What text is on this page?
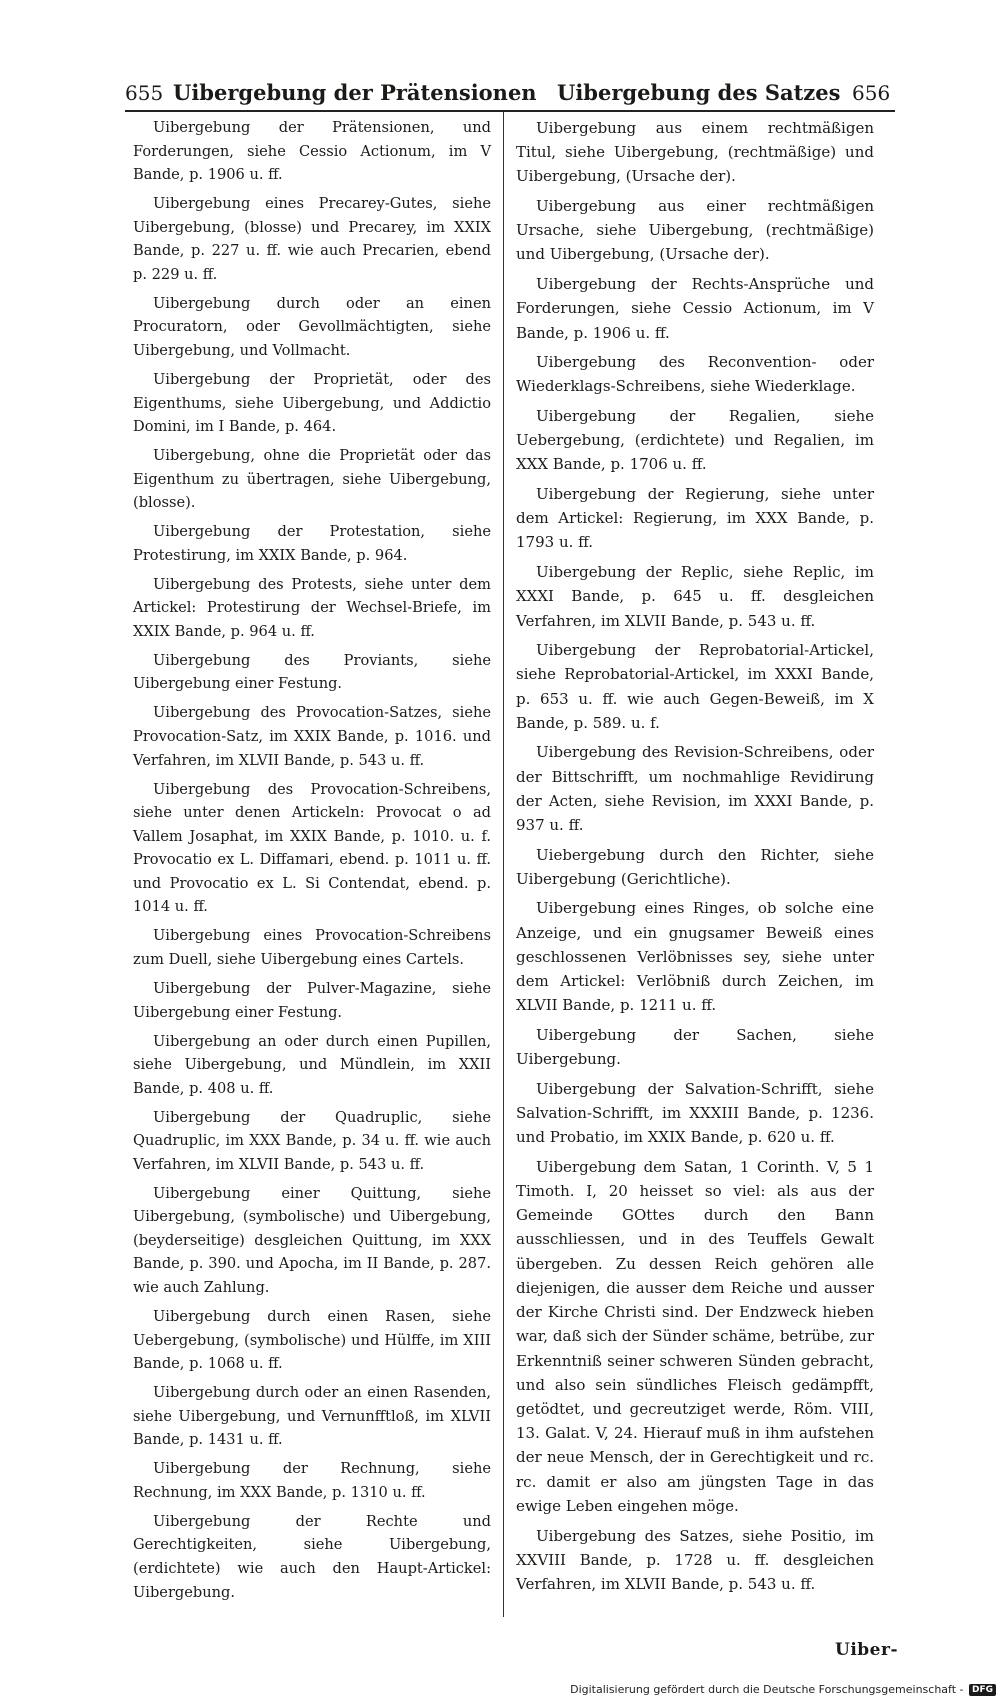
655 Uibergebung der Prätensionen Uibergebung des Satzes 656

Uibergebung der Prätensionen, und Forderungen, siehe Cessio Actionum, im V Bande, p. 1906 u. ff.

Uibergebung eines Precarey-Gutes, siehe Uibergebung, (blosse) und Precarey, im XXIX Bande, p. 227 u. ff. wie auch Precarien, ebend p. 229 u. ff.

Uibergebung durch oder an einen Procuratorn, oder Gevollmächtigten, siehe Uibergebung, und Vollmacht.

Uibergebung der Proprietät, oder des Eigenthums, siehe Uibergebung, und Addictio Domini, im I Bande, p. 464.

Uibergebung, ohne die Proprietät oder das Eigenthum zu übertragen, siehe Uibergebung, (blosse).

Uibergebung der Protestation, siehe Protestirung, im XXIX Bande, p. 964.

Uibergebung des Protests, siehe unter dem Artickel: Protestirung der Wechsel-Briefe, im XXIX Bande, p. 964 u. ff.

Uibergebung des Proviants, siehe Uibergebung einer Festung.

Uibergebung des Provocation-Satzes, siehe Provocation-Satz, im XXIX Bande, p. 1016. und Verfahren, im XLVII Bande, p. 543 u. ff.

Uibergebung des Provocation-Schreibens, siehe unter denen Artickeln: Provocat o ad Vallem Josaphat, im XXIX Bande, p. 1010. u. f. Provocatio ex L. Diffamari, ebend. p. 1011 u. ff. und Provocatio ex L. Si Contendat, ebend. p. 1014 u. ff.

Uibergebung eines Provocation-Schreibens zum Duell, siehe Uibergebung eines Cartels.

Uibergebung der Pulver-Magazine, siehe Uibergebung einer Festung.

Uibergebung an oder durch einen Pupillen, siehe Uibergebung, und Mündlein, im XXII Bande, p. 408 u. ff.

Uibergebung der Quadruplic, siehe Quadruplic, im XXX Bande, p. 34 u. ff. wie auch Verfahren, im XLVII Bande, p. 543 u. ff.

Uibergebung einer Quittung, siehe Uibergebung, (symbolische) und Uibergebung, (beyderseitige) desgleichen Quittung, im XXX Bande, p. 390. und Apocha, im II Bande, p. 287. wie auch Zahlung.

Uibergebung durch einen Rasen, siehe Uebergebung, (symbolische) und Hülffe, im XIII Bande, p. 1068 u. ff.

Uibergebung durch oder an einen Rasenden, siehe Uibergebung, und Vernunfftloß, im XLVII Bande, p. 1431 u. ff.

Uibergebung der Rechnung, siehe Rechnung, im XXX Bande, p. 1310 u. ff.

Uibergebung der Rechte und Gerechtigkeiten, siehe Uibergebung, (erdichtete) wie auch den Haupt-Artickel: Uibergebung.

Uibergebung aus einem rechtmäßigen Titul, siehe Uibergebung, (rechtmäßige) und Uibergebung, (Ursache der).

Uibergebung aus einer rechtmäßigen Ursache, siehe Uibergebung, (rechtmäßige) und Uibergebung, (Ursache der).

Uibergebung der Rechts-Ansprüche und Forderungen, siehe Cessio Actionum, im V Bande, p. 1906 u. ff.

Uibergebung des Reconvention- oder Wiederklags-Schreibens, siehe Wiederklage.

Uibergebung der Regalien, siehe Uebergebung, (erdichtete) und Regalien, im XXX Bande, p. 1706 u. ff.

Uibergebung der Regierung, siehe unter dem Artickel: Regierung, im XXX Bande, p. 1793 u. ff.

Uibergebung der Replic, siehe Replic, im XXXI Bande, p. 645 u. ff. desgleichen Verfahren, im XLVII Bande, p. 543 u. ff.

Uibergebung der Reprobatorial-Artickel, siehe Reprobatorial-Artickel, im XXXI Bande, p. 653 u. ff. wie auch Gegen-Beweiß, im X Bande, p. 589. u. f.

Uibergebung des Revision-Schreibens, oder der Bittschrifft, um nochmahlige Revidirung der Acten, siehe Revision, im XXXI Bande, p. 937 u. ff.

Uiebergebung durch den Richter, siehe Uibergebung (Gerichtliche).

Uibergebung eines Ringes, ob solche eine Anzeige, und ein gnugsamer Beweiß eines geschlossenen Verlöbnisses sey, siehe unter dem Artickel: Verlöbniß durch Zeichen, im XLVII Bande, p. 1211 u. ff.

Uibergebung der Sachen, siehe Uibergebung.

Uibergebung der Salvation-Schrifft, siehe Salvation-Schrifft, im XXXIII Bande, p. 1236. und Probatio, im XXIX Bande, p. 620 u. ff.

Uibergebung dem Satan, 1 Corinth. V, 5 1 Timoth. I, 20 heisset so viel: als aus der Gemeinde GOttes durch den Bann ausschliessen, und in des Teuffels Gewalt übergeben. Zu dessen Reich gehören alle diejenigen, die ausser dem Reiche und ausser der Kirche Christi sind. Der Endzweck hieben war, daß sich der Sünder schäme, betrübe, zur Erkenntniß seiner schweren Sünden gebracht, und also sein sündliches Fleisch gedämpfft, getödtet, und gecreutziget werde, Röm. VIII, 13. Galat. V, 24. Hierauf muß in ihm aufstehen der neue Mensch, der in Gerechtigkeit und rc. rc. damit er also am jüngsten Tage in das ewige Leben eingehen möge.

Uibergebung des Satzes, siehe Positio, im XXVIII Bande, p. 1728 u. ff. desgleichen Verfahren, im XLVII Bande, p. 543 u. ff.

Uiber-
Digitalisierung gefördert durch die Deutsche Forschungsgemeinschaft - DFG
